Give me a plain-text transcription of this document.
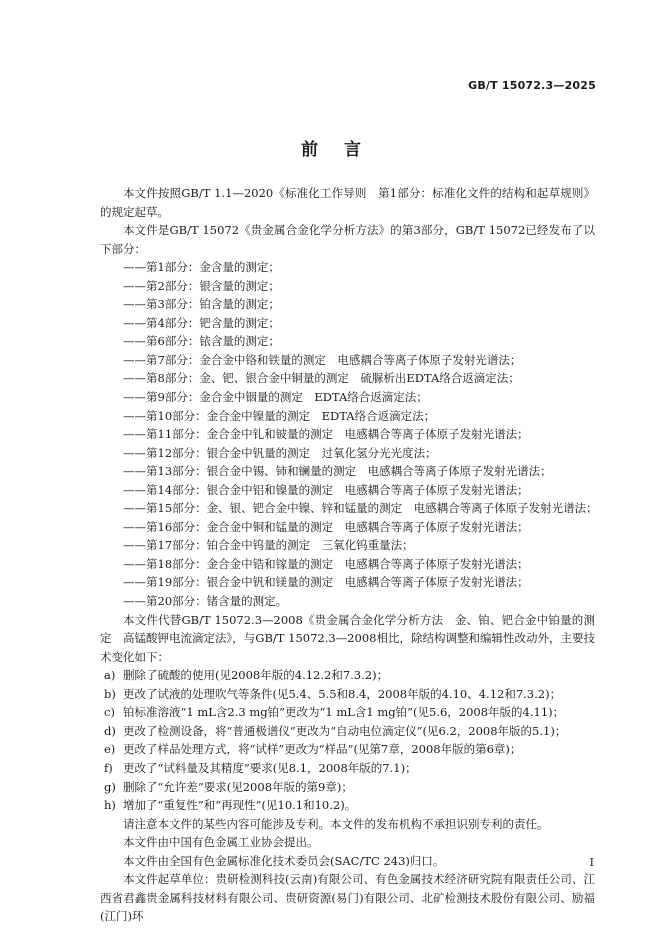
GB/T 15072.3—2025
前言

本文件按照GB/T 1.1—2020《标准化工作导则　第1部分：标准化文件的结构和起草规则》的规定起草。

本文件是GB/T 15072《贵金属合金化学分析方法》的第3部分，GB/T 15072已经发布了以下部分：

——第1部分：金含量的测定；

——第2部分：银含量的测定；

——第3部分：铂含量的测定；

——第4部分：钯含量的测定；

——第6部分：铱含量的测定；

——第7部分：金合金中铬和铁量的测定　电感耦合等离子体原子发射光谱法；

——第8部分：金、钯、银合金中铜量的测定　硫脲析出EDTA络合返滴定法；

——第9部分：金合金中铟量的测定　EDTA络合返滴定法；

——第10部分：金合金中镍量的测定　EDTA络合返滴定法；

——第11部分：金合金中钆和铍量的测定　电感耦合等离子体原子发射光谱法；

——第12部分：银合金中钒量的测定　过氧化氢分光光度法；

——第13部分：银合金中锡、铈和镧量的测定　电感耦合等离子体原子发射光谱法；

——第14部分：银合金中铝和镍量的测定　电感耦合等离子体原子发射光谱法；

——第15部分：金、银、钯合金中镍、锌和锰量的测定　电感耦合等离子体原子发射光谱法；

——第16部分：金合金中铜和锰量的测定　电感耦合等离子体原子发射光谱法；

——第17部分：铂合金中钨量的测定　三氧化钨重量法；

——第18部分：金合金中锆和镓量的测定　电感耦合等离子体原子发射光谱法；

——第19部分：银合金中钒和镁量的测定　电感耦合等离子体原子发射光谱法；

——第20部分：锗含量的测定。

本文件代替GB/T 15072.3—2008《贵金属合金化学分析方法　金、铂、钯合金中铂量的测定　高锰酸钾电流滴定法》，与GB/T 15072.3—2008相比，除结构调整和编辑性改动外，主要技术变化如下：

a) 删除了硫酸的使用(见2008年版的4.12.2和7.3.2)；

b) 更改了试液的处理吹气等条件(见5.4、5.5和8.4，2008年版的4.10、4.12和7.3.2)；

c) 铂标准溶液“1 mL含2.3 mg铂”更改为“1 mL含1 mg铂”(见5.6，2008年版的4.11)；

d) 更改了检测设备，将“普通极谱仪”更改为“自动电位滴定仪”(见6.2，2008年版的5.1)；

e) 更改了样品处理方式，将“试样”更改为“样品”(见第7章，2008年版的第6章)；

f) 更改了“试料量及其精度”要求(见8.1，2008年版的7.1)；

g) 删除了“允许差”要求(见2008年版的第9章)；

h) 增加了“重复性”和“再现性”(见10.1和10.2)。

请注意本文件的某些内容可能涉及专利。本文件的发布机构不承担识别专利的责任。

本文件由中国有色金属工业协会提出。

本文件由全国有色金属标准化技术委员会(SAC/TC 243)归口。

本文件起草单位：贵研检测科技(云南)有限公司、有色金属技术经济研究院有限责任公司、江西省君鑫贵金属科技材料有限公司、贵研资源(易门)有限公司、北矿检测技术股份有限公司、励福(江门)环

I
